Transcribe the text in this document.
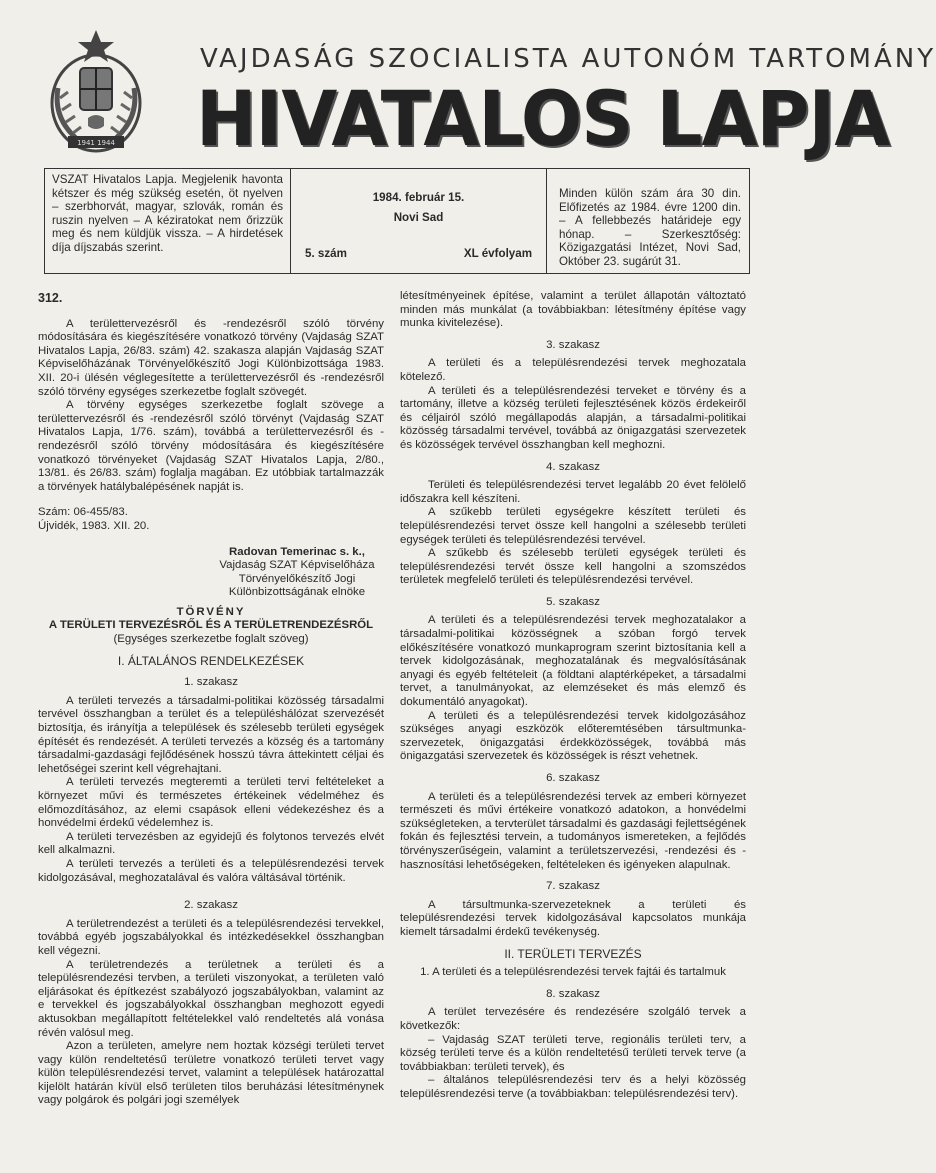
1941 1944
VAJDASÁG SZOCIALISTA AUTONÓM TARTOMÁNY
HIVATALOS LAPJA
VSZAT Hivatalos Lapja. Megjelenik havonta kétszer és még szükség esetén, öt nyelven – szerbhorvát, magyar, szlovák, román és ruszin nyelven – A kéziratokat nem őrizzük meg és nem küldjük vissza. – A hirdetések díja díjszabás szerint.
1984. február 15.
Novi Sad
5. szám	XL évfolyam
Minden külön szám ára 30 din. Előfizetés az 1984. évre 1200 din. – A fellebbezés határideje egy hónap. – Szerkesztőség: Közigazgatási Intézet, Novi Sad, Október 23. sugárút 31.

312.

A területtervezésről és -rendezésről szóló törvény módosítására és kiegészítésére vonatkozó törvény (Vajdaság SZAT Hivatalos Lapja, 26/83. szám) 42. szakasza alapján Vajdaság SZAT Képviselőházának Törvényelőkészítő Jogi Különbizottsága 1983. XII. 20-i ülésén véglegesítette a területtervezésről és -rendezésről szóló törvény egységes szerkezetbe foglalt szövegét.

A törvény egységes szerkezetbe foglalt szövege a területtervezésről és -rendezésről szóló törvényt (Vajdaság SZAT Hivatalos Lapja, 1/76. szám), továbbá a területtervezésről és -rendezésről szóló törvény módosítására és kiegészítésére vonatkozó törvényeket (Vajdaság SZAT Hivatalos Lapja, 2/80., 13/81. és 26/83. szám) foglalja magában. Ez utóbbiak tartalmazzák a törvények hatálybalépésének napját is.

Szám: 06-455/83.

Újvidék, 1983. XII. 20.

Radovan Temerinac s. k.,

Vajdaság SZAT Képviselőháza

Törvényelőkészítő Jogi

Különbizottságának elnöke

TÖRVÉNY

A TERÜLETI TERVEZÉSRŐL ÉS A TERÜLETRENDEZÉSRŐL

(Egységes szerkezetbe foglalt szöveg)

I. ÁLTALÁNOS RENDELKEZÉSEK

1. szakasz

A területi tervezés a társadalmi-politikai közösség társadalmi tervével összhangban a terület és a településhálózat szervezését biztosítja, és irányítja a települések és szélesebb területi egységek építését és rendezését. A területi tervezés a község és a tartomány társadalmi-gazdasági fejlődésének hosszú távra áttekintett céljai és lehetőségei szerint kell végrehajtani.

A területi tervezés megteremti a területi tervi feltételeket a környezet művi és természetes értékeinek védelméhez és előmozdításához, az elemi csapások elleni védekezéshez és a honvédelmi érdekű védelemhez is.

A területi tervezésben az egyidejű és folytonos tervezés elvét kell alkalmazni.

A területi tervezés a területi és a településrendezési tervek kidolgozásával, meghozatalával és valóra váltásával történik.

2. szakasz

A területrendezést a területi és a településrendezési tervekkel, továbbá egyéb jogszabályokkal és intézkedésekkel összhangban kell végezni.

A területrendezés a területnek a területi és a településrendezési tervben, a területi viszonyokat, a területen való eljárásokat és építkezést szabályozó jogszabályokban, valamint az e tervekkel és jogszabályokkal összhangban meghozott egyedi aktusokban megállapított feltételekkel való rendeltetés alá vonása révén valósul meg.

Azon a területen, amelyre nem hoztak községi területi tervet vagy külön rendeltetésű területre vonatkozó területi tervet vagy külön településrendezési tervet, valamint a települések határozattal kijelölt határán kívül első területen tilos beruházási létesítménynek vagy polgárok és polgári jogi személyek

létesítményeinek építése, valamint a terület állapotán változtató minden más munkálat (a továbbiakban: létesítmény építése vagy munka kivitelezése).

3. szakasz

A területi és a településrendezési tervek meghozatala kötelező.

A területi és a településrendezési terveket e törvény és a tartomány, illetve a község területi fejlesztésének közös érdekeiről és céljairól szóló megállapodás alapján, a társadalmi-politikai közösség társadalmi tervével, továbbá az önigazgatási szervezetek és közösségek tervével összhangban kell meghozni.

4. szakasz

Területi és településrendezési tervet legalább 20 évet felölelő időszakra kell készíteni.

A szűkebb területi egységekre készített területi és településrendezési tervet össze kell hangolni a szélesebb területi egységek területi és településrendezési tervével.

A szűkebb és szélesebb területi egységek területi és településrendezési tervét össze kell hangolni a szomszédos területek megfelelő területi és településrendezési tervével.

5. szakasz

A területi és a településrendezési tervek meghozatalakor a társadalmi-politikai közösségnek a szóban forgó tervek előkészítésére vonatkozó munkaprogram szerint biztosítania kell a tervek kidolgozásának, meghozatalának és megvalósításának anyagi és egyéb feltételeit (a földtani alaptérképeket, a társadalmi tervet, a tanulmányokat, az elemzéseket és más elemző és dokumentáló anyagokat).

A területi és a településrendezési tervek kidolgozásához szükséges anyagi eszközök előteremtésében társultmunka-szervezetek, önigazgatási érdekközösségek, továbbá más önigazgatási szervezetek és közösségek is részt vehetnek.

6. szakasz

A területi és a településrendezési tervek az emberi környezet természeti és művi értékeire vonatkozó adatokon, a honvédelmi szükségleteken, a tervterület társadalmi és gazdasági fejlettségének fokán és fejlesztési tervein, a tudományos ismereteken, a fejlődés törvényszerűségein, valamint a területszervezési, -rendezési és -hasznosítási lehetőségeken, feltételeken és igényeken alapulnak.

7. szakasz

A társultmunka-szervezeteknek a területi és településrendezési tervek kidolgozásával kapcsolatos munkája kiemelt társadalmi érdekű tevékenység.

II. TERÜLETI TERVEZÉS

1. A területi és a településrendezési tervek fajtái és tartalmuk

8. szakasz

A terület tervezésére és rendezésére szolgáló tervek a következők:

– Vajdaság SZAT területi terve, regionális területi terv, a község területi terve és a külön rendeltetésű területi tervek terve (a továbbiakban: területi tervek), és

– általános településrendezési terv és a helyi közösség településrendezési terve (a továbbiakban: településrendezési terv).
